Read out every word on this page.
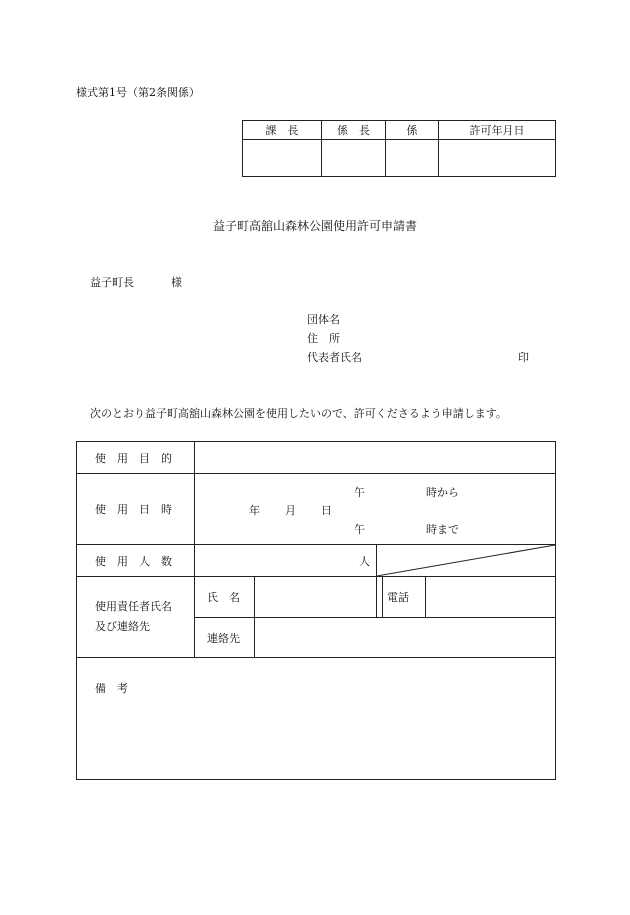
様式第1号（第2条関係）
課　長	係　長	係	許可年月日

益子町高舘山森林公園使用許可申請書
益子町長	様
団体名
住　所
代表者氏名	印
次のとおり益子町高舘山森林公園を使用したいので、許可くださるよう申請します。
使　用　目　的	
使　用　日　時	
午	時から
年 月 日
午	時まで

使　用　人　数	人	

使用責任者氏名
及び連絡先
	氏　名				電話	

連絡先	
備　考
